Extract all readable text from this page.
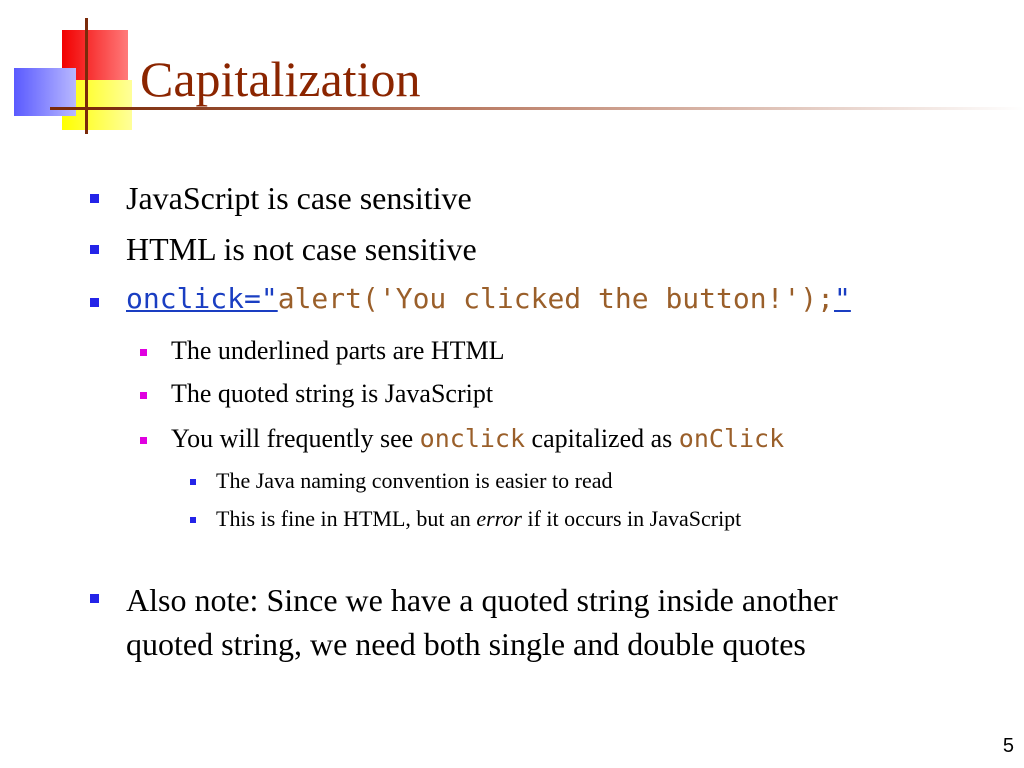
Capitalization
JavaScript is case sensitive
HTML is not case sensitive
onclick="alert('You clicked the button!');"
The underlined parts are HTML
The quoted string is JavaScript
You will frequently see onclick capitalized as onClick
The Java naming convention is easier to read
This is fine in HTML, but an error if it occurs in JavaScript
Also note: Since we have a quoted string inside another quoted string, we need both single and double quotes
5
